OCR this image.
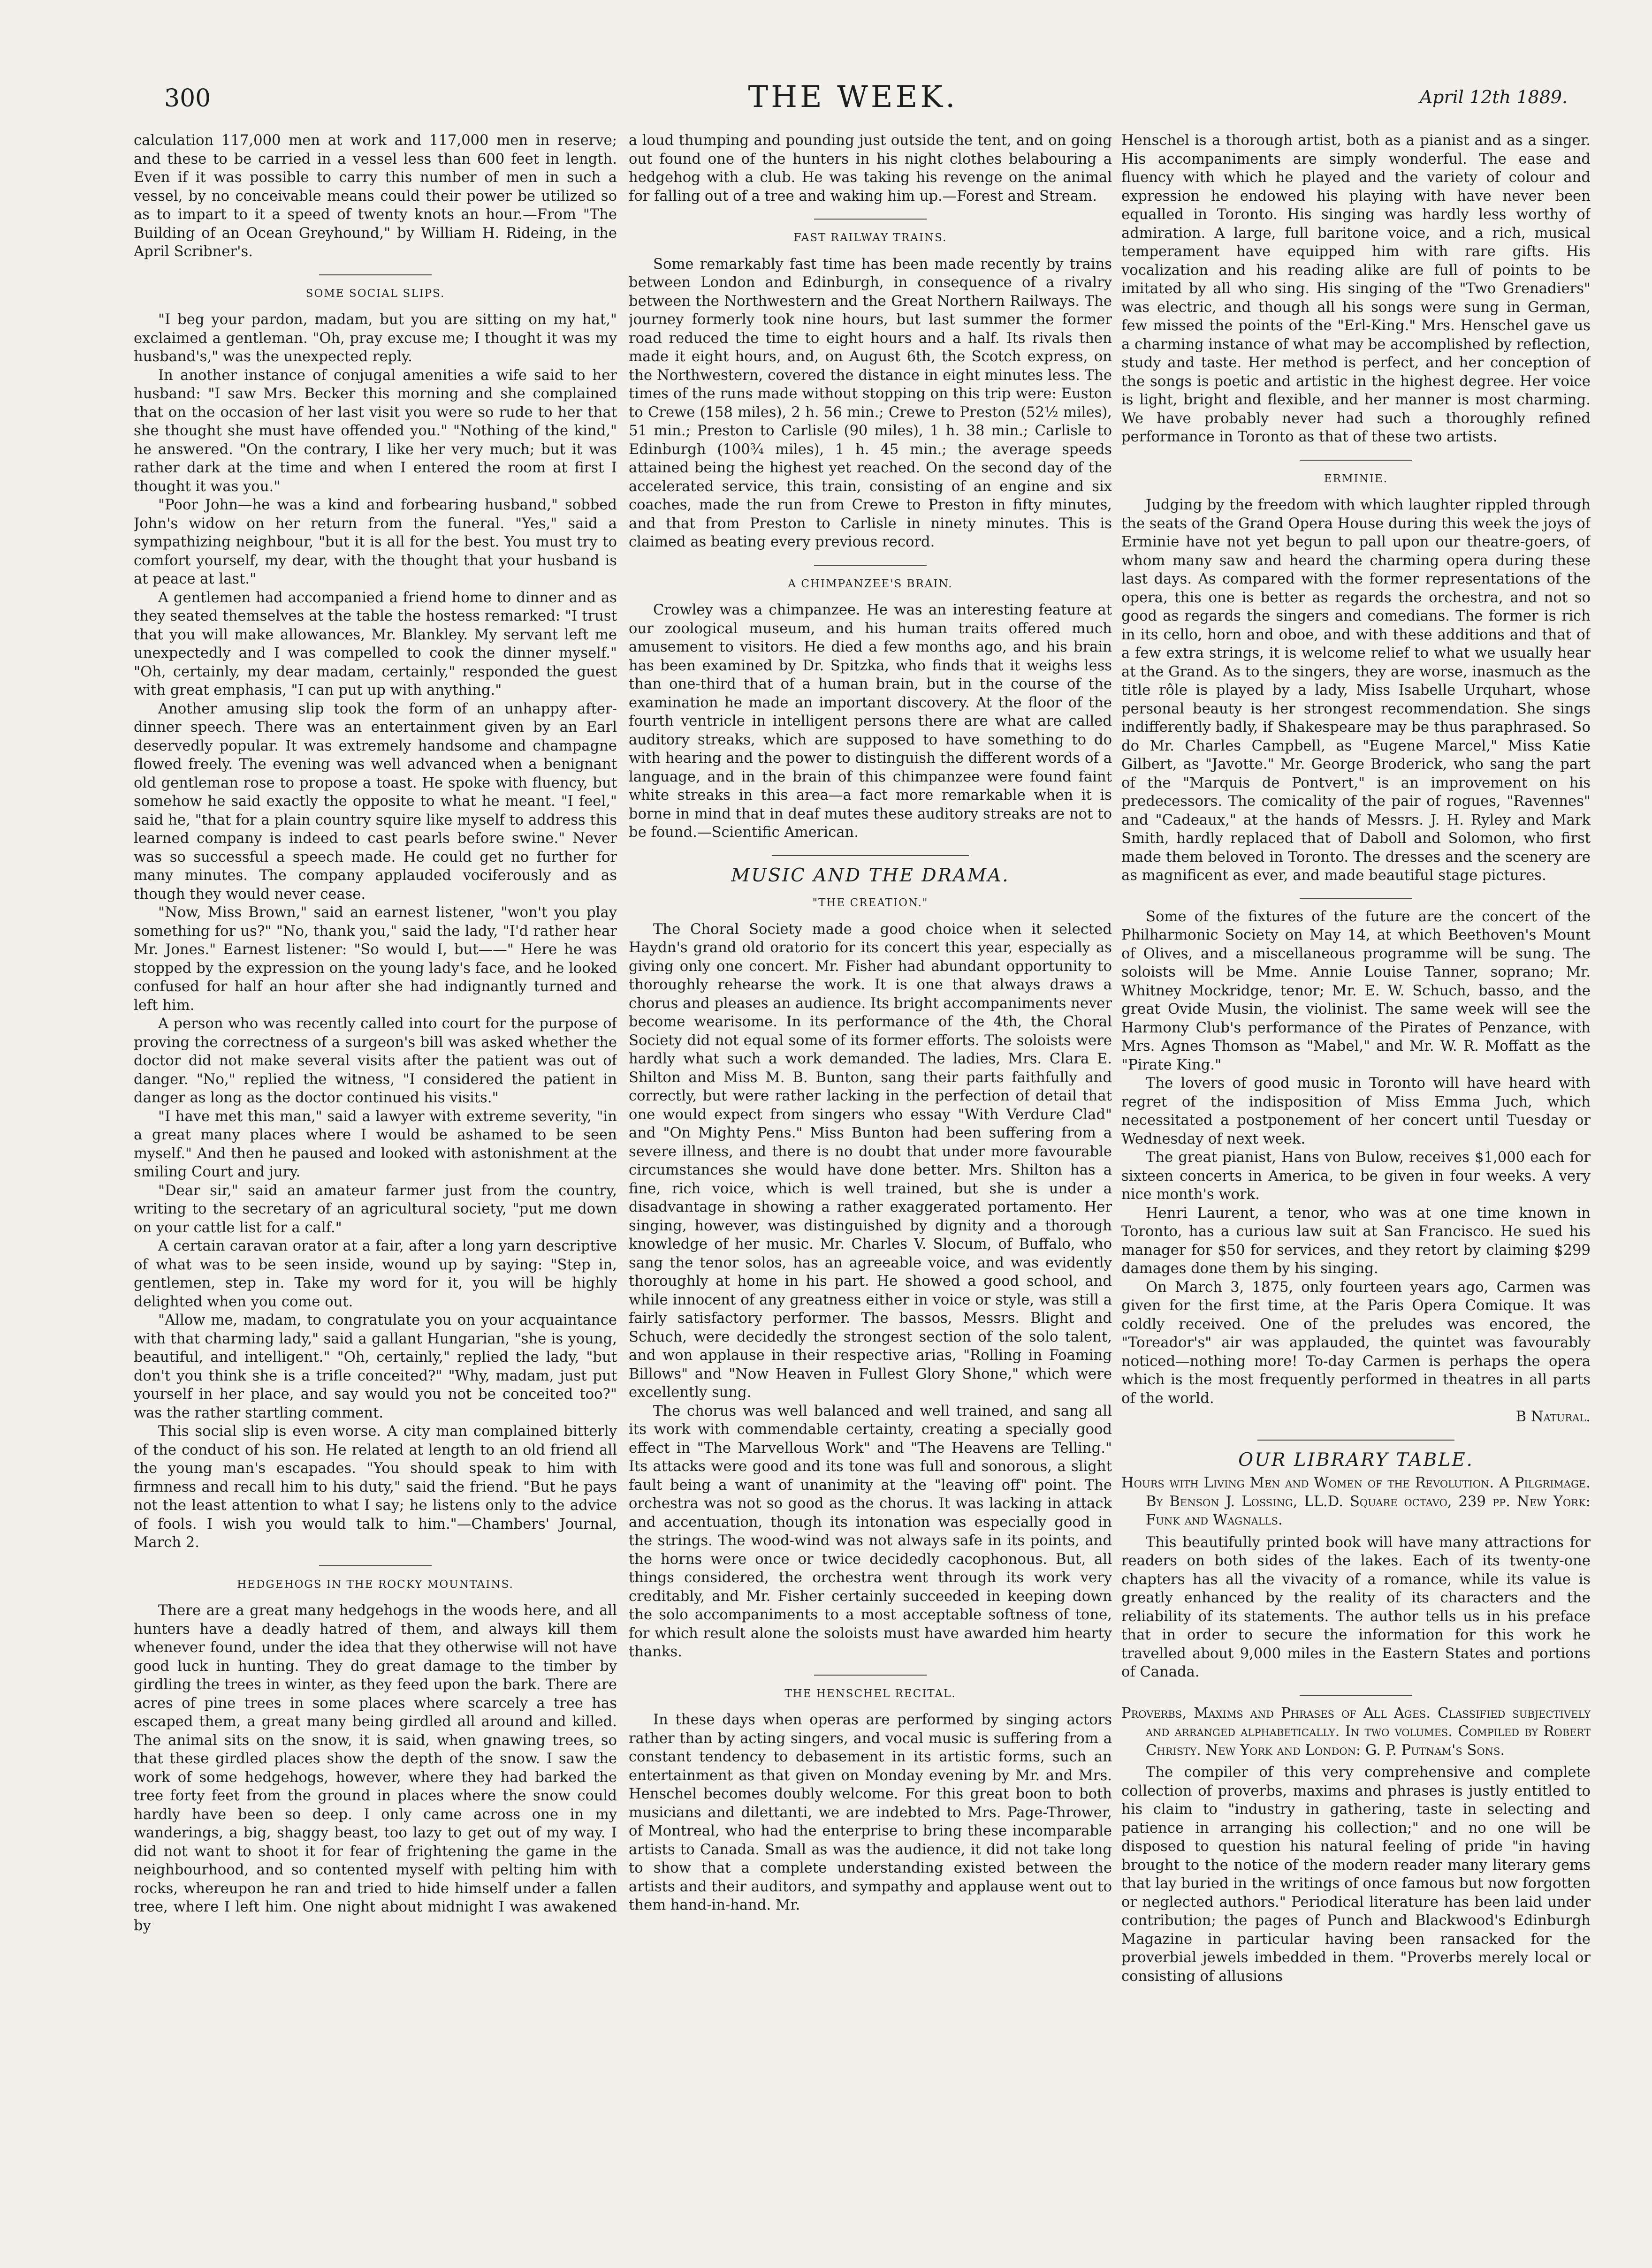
300	THE WEEK.	April 12th 1889.

calculation 117,000 men at work and 117,000 men in reserve; and these to be carried in a vessel less than 600 feet in length. Even if it was possible to carry this number of men in such a vessel, by no conceivable means could their power be utilized so as to impart to it a speed of twenty knots an hour.—From "The Building of an Ocean Greyhound," by William H. Rideing, in the April Scribner's.

SOME SOCIAL SLIPS.

"I beg your pardon, madam, but you are sitting on my hat," exclaimed a gentleman. "Oh, pray excuse me; I thought it was my husband's," was the unexpected reply.

In another instance of conjugal amenities a wife said to her husband: "I saw Mrs. Becker this morning and she complained that on the occasion of her last visit you were so rude to her that she thought she must have offended you." "Nothing of the kind," he answered. "On the contrary, I like her very much; but it was rather dark at the time and when I entered the room at first I thought it was you."

"Poor John—he was a kind and forbearing husband," sobbed John's widow on her return from the funeral. "Yes," said a sympathizing neighbour, "but it is all for the best. You must try to comfort yourself, my dear, with the thought that your husband is at peace at last."

A gentlemen had accompanied a friend home to dinner and as they seated themselves at the table the hostess remarked: "I trust that you will make allowances, Mr. Blankley. My servant left me unexpectedly and I was compelled to cook the dinner myself." "Oh, certainly, my dear madam, certainly," responded the guest with great emphasis, "I can put up with anything."

Another amusing slip took the form of an unhappy after-dinner speech. There was an entertainment given by an Earl deservedly popular. It was extremely handsome and champagne flowed freely. The evening was well advanced when a benignant old gentleman rose to propose a toast. He spoke with fluency, but somehow he said exactly the opposite to what he meant. "I feel," said he, "that for a plain country squire like myself to address this learned company is indeed to cast pearls before swine." Never was so successful a speech made. He could get no further for many minutes. The company applauded vociferously and as though they would never cease.

"Now, Miss Brown," said an earnest listener, "won't you play something for us?" "No, thank you," said the lady, "I'd rather hear Mr. Jones." Earnest listener: "So would I, but——" Here he was stopped by the expression on the young lady's face, and he looked confused for half an hour after she had indignantly turned and left him.

A person who was recently called into court for the purpose of proving the correctness of a surgeon's bill was asked whether the doctor did not make several visits after the patient was out of danger. "No," replied the witness, "I considered the patient in danger as long as the doctor continued his visits."

"I have met this man," said a lawyer with extreme severity, "in a great many places where I would be ashamed to be seen myself." And then he paused and looked with astonishment at the smiling Court and jury.

"Dear sir," said an amateur farmer just from the country, writing to the secretary of an agricultural society, "put me down on your cattle list for a calf."

A certain caravan orator at a fair, after a long yarn descriptive of what was to be seen inside, wound up by saying: "Step in, gentlemen, step in. Take my word for it, you will be highly delighted when you come out.

"Allow me, madam, to congratulate you on your acquaintance with that charming lady," said a gallant Hungarian, "she is young, beautiful, and intelligent." "Oh, certainly," replied the lady, "but don't you think she is a trifle conceited?" "Why, madam, just put yourself in her place, and say would you not be conceited too?" was the rather startling comment.

This social slip is even worse. A city man complained bitterly of the conduct of his son. He related at length to an old friend all the young man's escapades. "You should speak to him with firmness and recall him to his duty," said the friend. "But he pays not the least attention to what I say; he listens only to the advice of fools. I wish you would talk to him."—Chambers' Journal, March 2.

HEDGEHOGS IN THE ROCKY MOUNTAINS.

There are a great many hedgehogs in the woods here, and all hunters have a deadly hatred of them, and always kill them whenever found, under the idea that they otherwise will not have good luck in hunting. They do great damage to the timber by girdling the trees in winter, as they feed upon the bark. There are acres of pine trees in some places where scarcely a tree has escaped them, a great many being girdled all around and killed. The animal sits on the snow, it is said, when gnawing trees, so that these girdled places show the depth of the snow. I saw the work of some hedgehogs, however, where they had barked the tree forty feet from the ground in places where the snow could hardly have been so deep. I only came across one in my wanderings, a big, shaggy beast, too lazy to get out of my way. I did not want to shoot it for fear of frightening the game in the neighbourhood, and so contented myself with pelting him with rocks, whereupon he ran and tried to hide himself under a fallen tree, where I left him. One night about midnight I was awakened by

a loud thumping and pounding just outside the tent, and on going out found one of the hunters in his night clothes belabouring a hedgehog with a club. He was taking his revenge on the animal for falling out of a tree and waking him up.—Forest and Stream.

FAST RAILWAY TRAINS.

Some remarkably fast time has been made recently by trains between London and Edinburgh, in consequence of a rivalry between the Northwestern and the Great Northern Railways. The journey formerly took nine hours, but last summer the former road reduced the time to eight hours and a half. Its rivals then made it eight hours, and, on August 6th, the Scotch express, on the Northwestern, covered the distance in eight minutes less. The times of the runs made without stopping on this trip were: Euston to Crewe (158 miles), 2 h. 56 min.; Crewe to Preston (52½ miles), 51 min.; Preston to Carlisle (90 miles), 1 h. 38 min.; Carlisle to Edinburgh (100¾ miles), 1 h. 45 min.; the average speeds attained being the highest yet reached. On the second day of the accelerated service, this train, consisting of an engine and six coaches, made the run from Crewe to Preston in fifty minutes, and that from Preston to Carlisle in ninety minutes. This is claimed as beating every previous record.

A CHIMPANZEE'S BRAIN.

Crowley was a chimpanzee. He was an interesting feature at our zoological museum, and his human traits offered much amusement to visitors. He died a few months ago, and his brain has been examined by Dr. Spitzka, who finds that it weighs less than one-third that of a human brain, but in the course of the examination he made an important discovery. At the floor of the fourth ventricle in intelligent persons there are what are called auditory streaks, which are supposed to have something to do with hearing and the power to distinguish the different words of a language, and in the brain of this chimpanzee were found faint white streaks in this area—a fact more remarkable when it is borne in mind that in deaf mutes these auditory streaks are not to be found.—Scientific American.

MUSIC AND THE DRAMA.
"THE CREATION."

The Choral Society made a good choice when it selected Haydn's grand old oratorio for its concert this year, especially as giving only one concert. Mr. Fisher had abundant opportunity to thoroughly rehearse the work. It is one that always draws a chorus and pleases an audience. Its bright accompaniments never become wearisome. In its performance of the 4th, the Choral Society did not equal some of its former efforts. The soloists were hardly what such a work demanded. The ladies, Mrs. Clara E. Shilton and Miss M. B. Bunton, sang their parts faithfully and correctly, but were rather lacking in the perfection of detail that one would expect from singers who essay "With Verdure Clad" and "On Mighty Pens." Miss Bunton had been suffering from a severe illness, and there is no doubt that under more favourable circumstances she would have done better. Mrs. Shilton has a fine, rich voice, which is well trained, but she is under a disadvantage in showing a rather exaggerated portamento. Her singing, however, was distinguished by dignity and a thorough knowledge of her music. Mr. Charles V. Slocum, of Buffalo, who sang the tenor solos, has an agreeable voice, and was evidently thoroughly at home in his part. He showed a good school, and while innocent of any greatness either in voice or style, was still a fairly satisfactory performer. The bassos, Messrs. Blight and Schuch, were decidedly the strongest section of the solo talent, and won applause in their respective arias, "Rolling in Foaming Billows" and "Now Heaven in Fullest Glory Shone," which were excellently sung.

The chorus was well balanced and well trained, and sang all its work with commendable certainty, creating a specially good effect in "The Marvellous Work" and "The Heavens are Telling." Its attacks were good and its tone was full and sonorous, a slight fault being a want of unanimity at the "leaving off" point. The orchestra was not so good as the chorus. It was lacking in attack and accentuation, though its intonation was especially good in the strings. The wood-wind was not always safe in its points, and the horns were once or twice decidedly cacophonous. But, all things considered, the orchestra went through its work very creditably, and Mr. Fisher certainly succeeded in keeping down the solo accompaniments to a most acceptable softness of tone, for which result alone the soloists must have awarded him hearty thanks.

THE HENSCHEL RECITAL.

In these days when operas are performed by singing actors rather than by acting singers, and vocal music is suffering from a constant tendency to debasement in its artistic forms, such an entertainment as that given on Monday evening by Mr. and Mrs. Henschel becomes doubly welcome. For this great boon to both musicians and dilettanti, we are indebted to Mrs. Page-Thrower, of Montreal, who had the enterprise to bring these incomparable artists to Canada. Small as was the audience, it did not take long to show that a complete understanding existed between the artists and their auditors, and sympathy and applause went out to them hand-in-hand. Mr.

Henschel is a thorough artist, both as a pianist and as a singer. His accompaniments are simply wonderful. The ease and fluency with which he played and the variety of colour and expression he endowed his playing with have never been equalled in Toronto. His singing was hardly less worthy of admiration. A large, full baritone voice, and a rich, musical temperament have equipped him with rare gifts. His vocalization and his reading alike are full of points to be imitated by all who sing. His singing of the "Two Grenadiers" was electric, and though all his songs were sung in German, few missed the points of the "Erl-King." Mrs. Henschel gave us a charming instance of what may be accomplished by reflection, study and taste. Her method is perfect, and her conception of the songs is poetic and artistic in the highest degree. Her voice is light, bright and flexible, and her manner is most charming. We have probably never had such a thoroughly refined performance in Toronto as that of these two artists.

ERMINIE.

Judging by the freedom with which laughter rippled through the seats of the Grand Opera House during this week the joys of Erminie have not yet begun to pall upon our theatre-goers, of whom many saw and heard the charming opera during these last days. As compared with the former representations of the opera, this one is better as regards the orchestra, and not so good as regards the singers and comedians. The former is rich in its cello, horn and oboe, and with these additions and that of a few extra strings, it is welcome relief to what we usually hear at the Grand. As to the singers, they are worse, inasmuch as the title rôle is played by a lady, Miss Isabelle Urquhart, whose personal beauty is her strongest recommendation. She sings indifferently badly, if Shakespeare may be thus paraphrased. So do Mr. Charles Campbell, as "Eugene Marcel," Miss Katie Gilbert, as "Javotte." Mr. George Broderick, who sang the part of the "Marquis de Pontvert," is an improvement on his predecessors. The comicality of the pair of rogues, "Ravennes" and "Cadeaux," at the hands of Messrs. J. H. Ryley and Mark Smith, hardly replaced that of Daboll and Solomon, who first made them beloved in Toronto. The dresses and the scenery are as magnificent as ever, and made beautiful stage pictures.

Some of the fixtures of the future are the concert of the Philharmonic Society on May 14, at which Beethoven's Mount of Olives, and a miscellaneous programme will be sung. The soloists will be Mme. Annie Louise Tanner, soprano; Mr. Whitney Mockridge, tenor; Mr. E. W. Schuch, basso, and the great Ovide Musin, the violinist. The same week will see the Harmony Club's performance of the Pirates of Penzance, with Mrs. Agnes Thomson as "Mabel," and Mr. W. R. Moffatt as the "Pirate King."

The lovers of good music in Toronto will have heard with regret of the indisposition of Miss Emma Juch, which necessitated a postponement of her concert until Tuesday or Wednesday of next week.

The great pianist, Hans von Bulow, receives $1,000 each for sixteen concerts in America, to be given in four weeks. A very nice month's work.

Henri Laurent, a tenor, who was at one time known in Toronto, has a curious law suit at San Francisco. He sued his manager for $50 for services, and they retort by claiming $299 damages done them by his singing.

On March 3, 1875, only fourteen years ago, Carmen was given for the first time, at the Paris Opera Comique. It was coldly received. One of the preludes was encored, the "Toreador's" air was applauded, the quintet was favourably noticed—nothing more! To-day Carmen is perhaps the opera which is the most frequently performed in theatres in all parts of the world.

B Natural.
OUR LIBRARY TABLE.
Hours with Living Men and Women of the Revolution. A Pilgrimage. By Benson J. Lossing, LL.D. Square octavo, 239 pp. New York: Funk and Wagnalls.

This beautifully printed book will have many attractions for readers on both sides of the lakes. Each of its twenty-one chapters has all the vivacity of a romance, while its value is greatly enhanced by the reality of its characters and the reliability of its statements. The author tells us in his preface that in order to secure the information for this work he travelled about 9,000 miles in the Eastern States and portions of Canada.

Proverbs, Maxims and Phrases of All Ages. Classified subjectively and arranged alphabetically. In two volumes. Compiled by Robert Christy. New York and London: G. P. Putnam's Sons.

The compiler of this very comprehensive and complete collection of proverbs, maxims and phrases is justly entitled to his claim to "industry in gathering, taste in selecting and patience in arranging his collection;" and no one will be disposed to question his natural feeling of pride "in having brought to the notice of the modern reader many literary gems that lay buried in the writings of once famous but now forgotten or neglected authors." Periodical literature has been laid under contribution; the pages of Punch and Blackwood's Edinburgh Magazine in particular having been ransacked for the proverbial jewels imbedded in them. "Proverbs merely local or consisting of allusions
